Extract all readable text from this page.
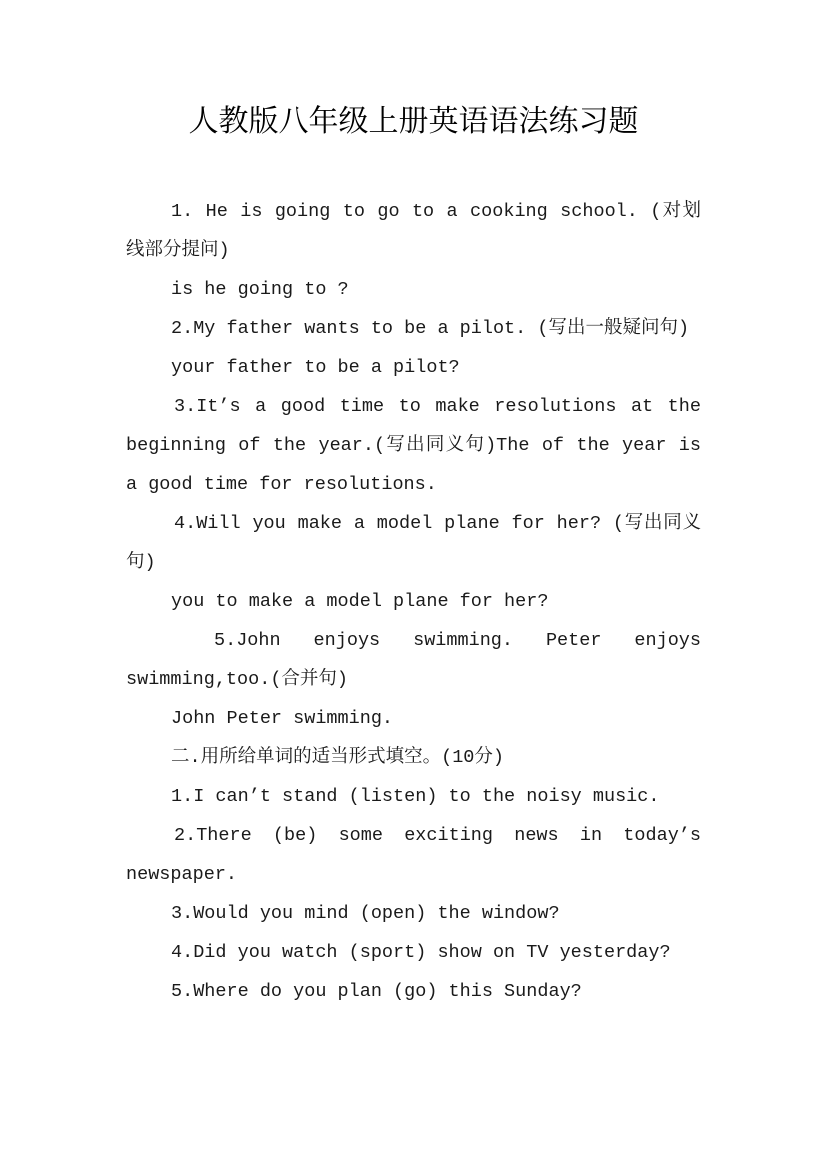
人教版八年级上册英语语法练习题

1. He is going to go to a cooking school. (对划线部分提问)

is he going to ?

2.My father wants to be a pilot. (写出一般疑问句)

your father to be a pilot?

3.It’s a good time to make resolutions at the beginning of the year.(写出同义句)The of the year is a good time for resolutions.

4.Will you make a model plane for her? (写出同义句)

you to make a model plane for her?

5.John enjoys swimming. Peter enjoys swimming,too.(合并句)

John Peter swimming.

二.用所给单词的适当形式填空。(10分)

1.I can’t stand (listen) to the noisy music.

2.There (be) some exciting news in today’s newspaper.

3.Would you mind (open) the window?

4.Did you watch (sport) show on TV yesterday?

5.Where do you plan (go) this Sunday?
